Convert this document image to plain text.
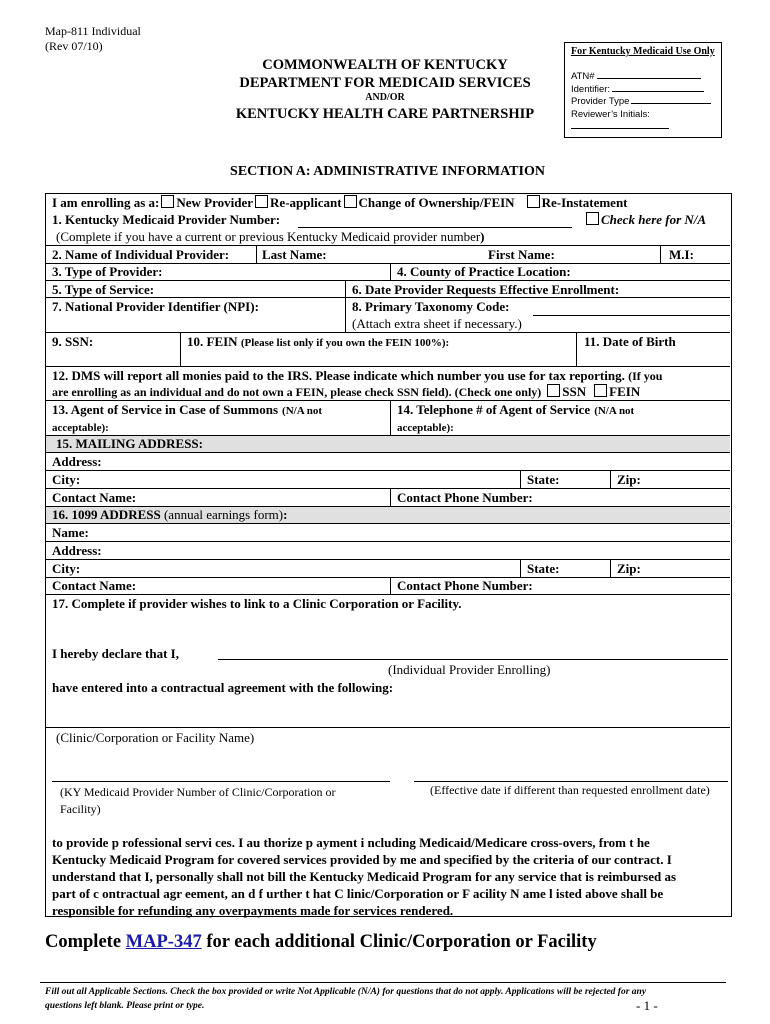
Map-811 Individual
(Rev 07/10)
COMMONWEALTH OF KENTUCKY
DEPARTMENT FOR MEDICAID SERVICES
AND/OR
KENTUCKY HEALTH CARE PARTNERSHIP
For Kentucky Medicaid Use Only
ATN#
Identifier:
Provider Type
Reviewer’s Initials:
SECTION A: ADMINISTRATIVE INFORMATION
I am enrolling as a: New Provider Re-applicant Change of Ownership/FEIN Re-Instatement
1. Kentucky Medicaid Provider Number:	Check here for N/A
(Complete if you have a current or previous Kentucky Medicaid provider number)
2. Name of Individual Provider:	Last Name:	First Name:	M.I:
3. Type of Provider:	4. County of Practice Location:
5. Type of Service:	6. Date Provider Requests Effective Enrollment:
7. National Provider Identifier (NPI):	8. Primary Taxonomy Code:
(Attach extra sheet if necessary.)
9. SSN:	10. FEIN (Please list only if you own the FEIN 100%):	11. Date of Birth
12. DMS will report all monies paid to the IRS. Please indicate which number you use for tax reporting. (If you
are enrolling as an individual and do not own a FEIN, please check SSN field). (Check one only) SSN FEIN
13. Agent of Service in Case of Summons (N/A not
acceptable):
14. Telephone # of Agent of Service (N/A not
acceptable):
15. MAILING ADDRESS:
Address:
City:	State:	Zip:
Contact Name:	Contact Phone Number:
16. 1099 ADDRESS (annual earnings form):
Name:
Address:
City:	State:	Zip:
Contact Name:	Contact Phone Number:
17. Complete if provider wishes to link to a Clinic Corporation or Facility.
I hereby declare that I,
(Individual Provider Enrolling)
have entered into a contractual agreement with the following:
(Clinic/Corporation or Facility Name)
(KY Medicaid Provider Number of Clinic/Corporation or
Facility)
(Effective date if different than requested enrollment date)
to provide p rofessional servi ces. I au thorize p ayment i ncluding Medicaid/Medicare cross-overs, from t he
Kentucky Medicaid Program for covered services provided by me and specified by the criteria of our contract. I
understand that I, personally shall not bill the Kentucky Medicaid Program for any service that is reimbursed as
part of c ontractual agr eement, an d f urther t hat C linic/Corporation or F acility N ame l isted above shall be
responsible for refunding any overpayments made for services rendered.
Complete MAP-347 for each additional Clinic/Corporation or Facility
Fill out all Applicable Sections. Check the box provided or write Not Applicable (N/A) for questions that do not apply. Applications will be rejected for any
questions left blank. Please print or type.	- 1 -
